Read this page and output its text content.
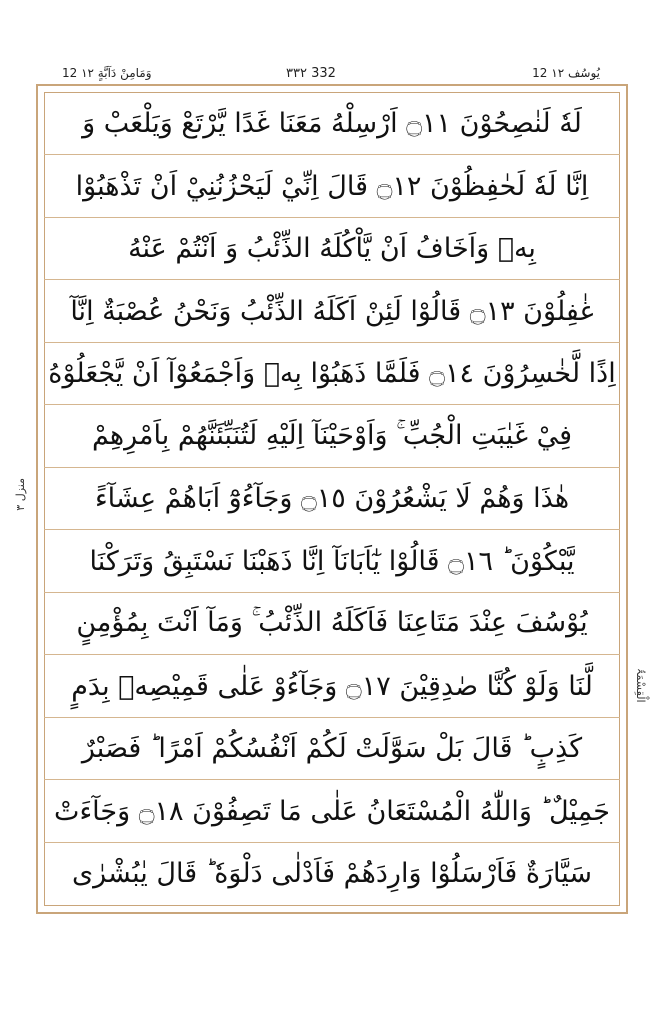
12 وَمَامِنْ دَآبَّةٍ ١٢	٣٣٢ 332	12 يُوسُف ١٢
منزل ٣
الْقِسْمَۃُ
لَهٗ لَنٰصِحُوْنَ ۝١١ اَرْسِلْهُ مَعَنَا غَدًا يَّرْتَعْ وَيَلْعَبْ وَ
اِنَّا لَهٗ لَحٰفِظُوْنَ ۝١٢ قَالَ اِنِّيْ لَيَحْزُنُنِيْ اَنْ تَذْهَبُوْا
بِهٖ وَاَخَافُ اَنْ يَّاْكُلَهُ الذِّئْبُ وَ اَنْتُمْ عَنْهُ
غٰفِلُوْنَ ۝١٣ قَالُوْا لَئِنْ اَكَلَهُ الذِّئْبُ وَنَحْنُ عُصْبَةٌ اِنَّآ
اِذًا لَّخٰسِرُوْنَ ۝١٤ فَلَمَّا ذَهَبُوْا بِهٖ وَاَجْمَعُوْآ اَنْ يَّجْعَلُوْهُ
فِيْ غَيٰبَتِ الْجُبِّ ۚ وَاَوْحَيْنَآ اِلَيْهِ لَتُنَبِّئَنَّهُمْ بِاَمْرِهِمْ
هٰذَا وَهُمْ لَا يَشْعُرُوْنَ ۝١٥ وَجَآءُوْٓ اَبَاهُمْ عِشَآءً
يَّبْكُوْنَ ؕ ۝١٦ قَالُوْا يٰٓاَبَانَآ اِنَّا ذَهَبْنَا نَسْتَبِقُ وَتَرَكْنَا
يُوْسُفَ عِنْدَ مَتَاعِنَا فَاَكَلَهُ الذِّئْبُ ۚ وَمَآ اَنْتَ بِمُؤْمِنٍ
لَّنَا وَلَوْ كُنَّا صٰدِقِيْنَ ۝١٧ وَجَآءُوْ عَلٰى قَمِيْصِهٖ بِدَمٍ
كَذِبٍ ؕ قَالَ بَلْ سَوَّلَتْ لَكُمْ اَنْفُسُكُمْ اَمْرًا ؕ فَصَبْرٌ
جَمِيْلٌ ؕ وَاللّٰهُ الْمُسْتَعَانُ عَلٰى مَا تَصِفُوْنَ ۝١٨ وَجَآءَتْ
سَيَّارَةٌ فَاَرْسَلُوْا وَارِدَهُمْ فَاَدْلٰى دَلْوَهٗ ؕ قَالَ يٰبُشْرٰى
